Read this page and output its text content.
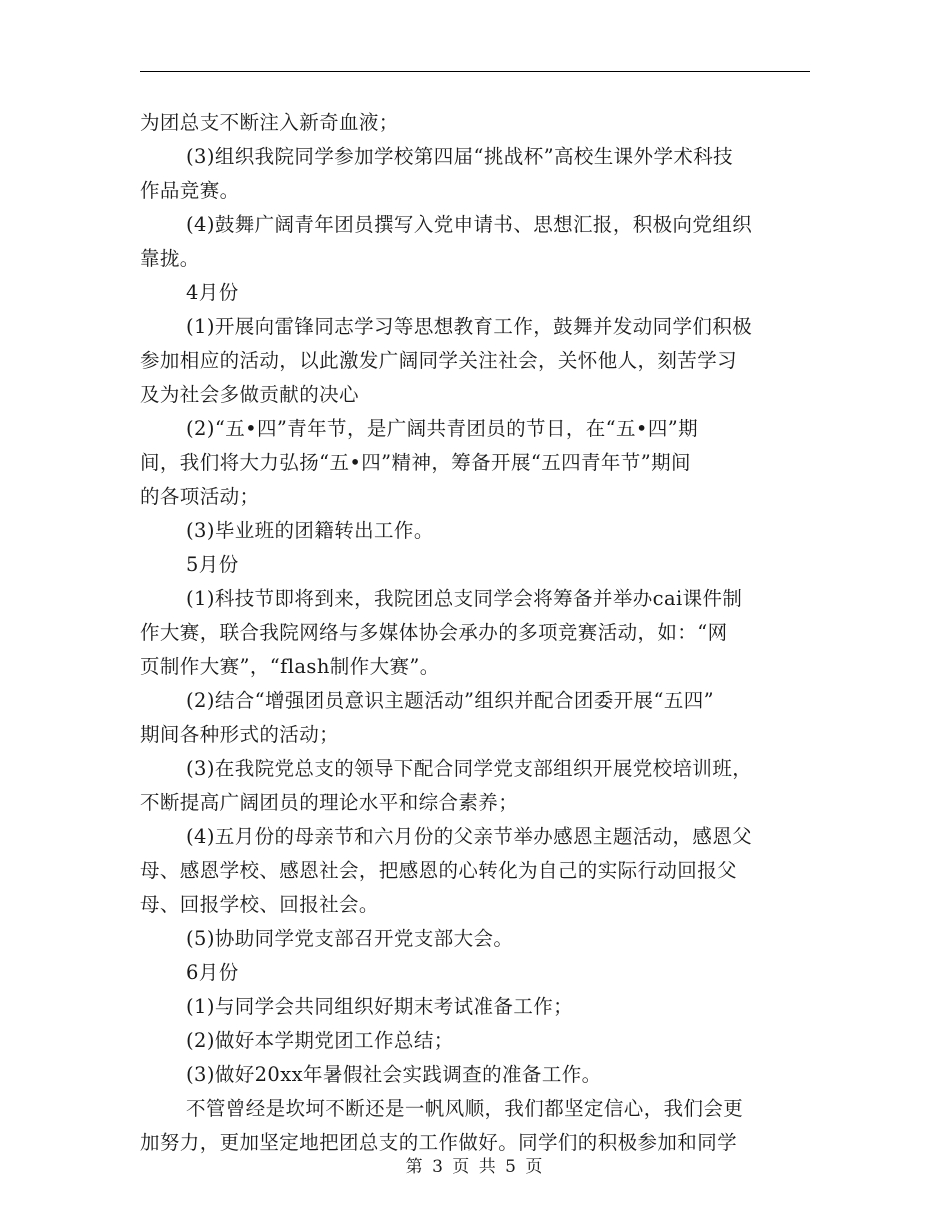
为团总支不断注入新奇血液；
(3)组织我院同学参加学校第四届“挑战杯”高校生课外学术科技
作品竞赛。
(4)鼓舞广阔青年团员撰写入党申请书、思想汇报，积极向党组织
靠拢。
4月份
(1)开展向雷锋同志学习等思想教育工作，鼓舞并发动同学们积极
参加相应的活动，以此激发广阔同学关注社会，关怀他人，刻苦学习
及为社会多做贡献的决心
(2)“五•四”青年节，是广阔共青团员的节日，在“五•四”期
间，我们将大力弘扬“五•四”精神，筹备开展“五四青年节”期间
的各项活动；
(3)毕业班的团籍转出工作。
5月份
(1)科技节即将到来，我院团总支同学会将筹备并举办cai课件制
作大赛，联合我院网络与多媒体协会承办的多项竞赛活动，如：“网
页制作大赛”，“flash制作大赛”。
(2)结合“增强团员意识主题活动”组织并配合团委开展“五四”
期间各种形式的活动；
(3)在我院党总支的领导下配合同学党支部组织开展党校培训班，
不断提高广阔团员的理论水平和综合素养；
(4)五月份的母亲节和六月份的父亲节举办感恩主题活动，感恩父
母、感恩学校、感恩社会，把感恩的心转化为自己的实际行动回报父
母、回报学校、回报社会。
(5)协助同学党支部召开党支部大会。
6月份
(1)与同学会共同组织好期末考试准备工作；
(2)做好本学期党团工作总结；
(3)做好20xx年暑假社会实践调查的准备工作。
不管曾经是坎坷不断还是一帆风顺，我们都坚定信心，我们会更
加努力，更加坚定地把团总支的工作做好。同学们的积极参加和同学
第 3 页 共 5 页
